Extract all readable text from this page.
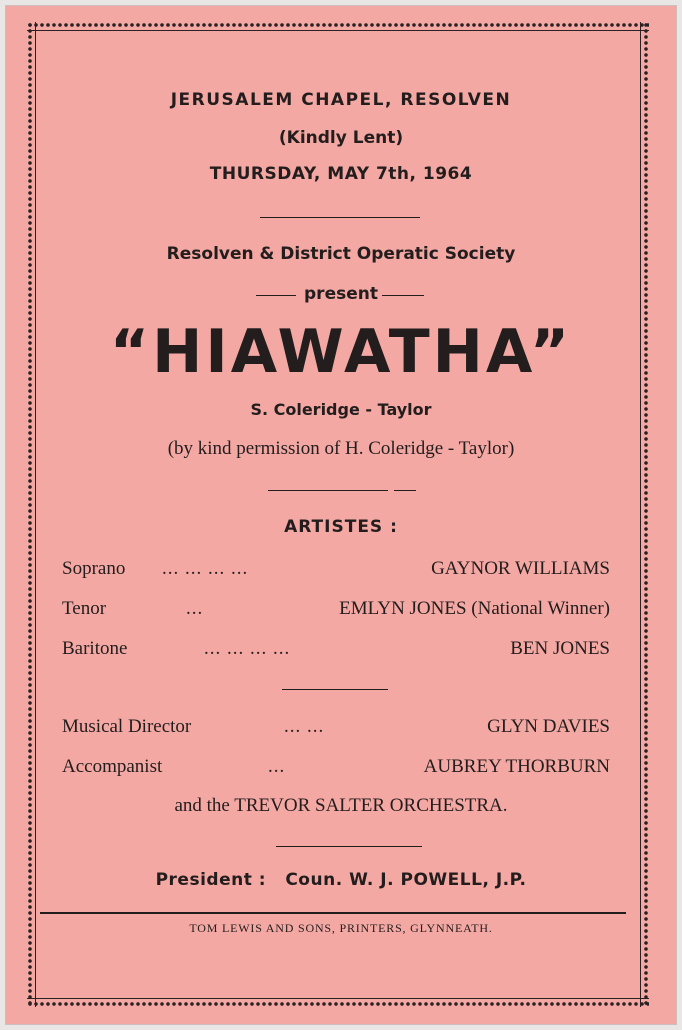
JERUSALEM CHAPEL, RESOLVEN
(Kindly Lent)
THURSDAY, MAY 7th, 1964
Resolven & District Operatic Society
present
“HIAWATHA”
S. Coleridge - Taylor
(by kind permission of H. Coleridge - Taylor)
ARTISTES :
Soprano ... ... ... ...	GAYNOR WILLIAMS
Tenor	...	EMLYN JONES (National Winner)
Baritone	... ... ... ...	BEN JONES
Musical Director	... ...	GLYN DAVIES
Accompanist	...	AUBREY THORBURN
and the TREVOR SALTER ORCHESTRA.
President : Coun. W. J. POWELL, J.P.
TOM LEWIS AND SONS, PRINTERS, GLYNNEATH.
